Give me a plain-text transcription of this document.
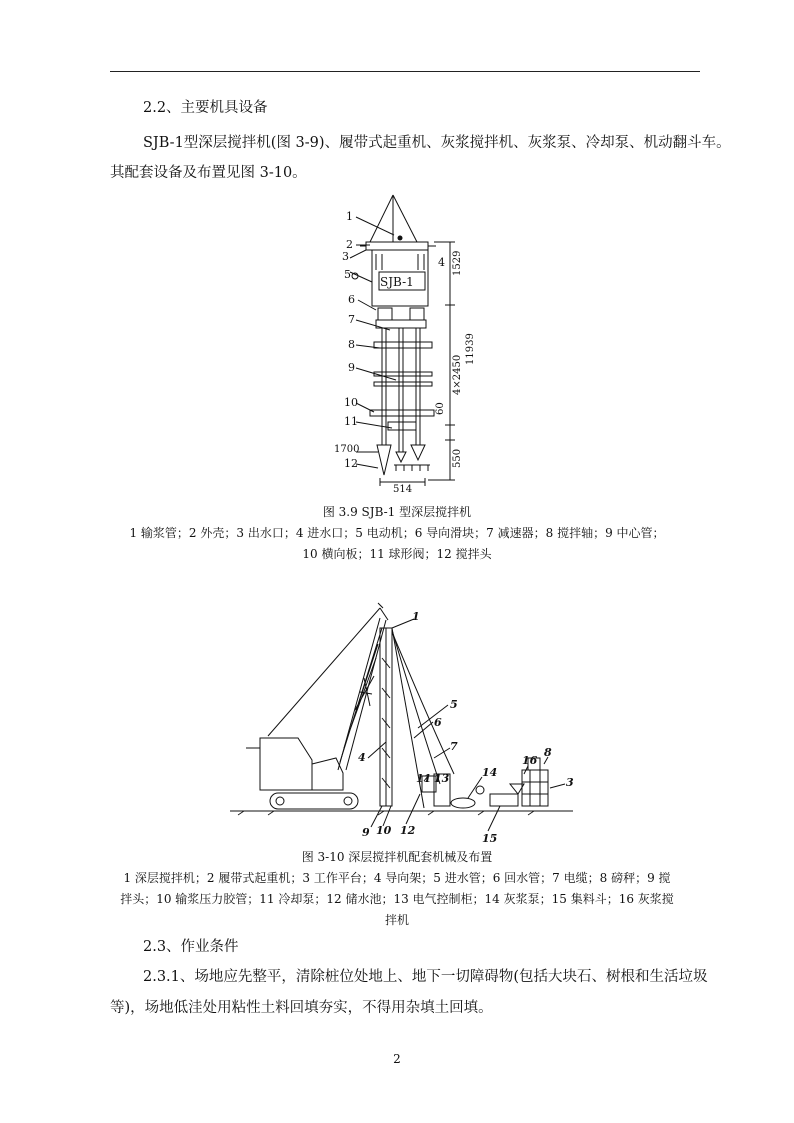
2.2、主要机具设备
SJB-1型深层搅拌机(图 3-9)、履带式起重机、灰浆搅拌机、灰浆泵、冷却泵、机动翻斗车。
其配套设备及布置见图 3-10。
SJB-1
1
2
3	4
5
6
7
8
9
10
11
12
1700
514
1529
11939
4×2450
60
550
图 3.9 SJB-1 型深层搅拌机
1 输浆管；2 外壳；3 出水口；4 进水口；5 电动机；6 导向滑块；7 减速器；8 搅拌轴；9 中心管；
10 横向板；11 球形阀；12 搅拌头
1
4
5
6
7
9 10
11
12
13	14
15
16
8
3
图 3-10 深层搅拌机配套机械及布置
1 深层搅拌机；2 履带式起重机；3 工作平台；4 导向架；5 进水管；6 回水管；7 电缆；8 磅秤；9 搅
拌头；10 输浆压力胶管；11 冷却泵；12 储水池；13 电气控制柜；14 灰浆泵；15 集料斗；16 灰浆搅
拌机
2.3、作业条件
2.3.1、场地应先整平，清除桩位处地上、地下一切障碍物(包括大块石、树根和生活垃圾
等)，场地低洼处用粘性土料回填夯实，不得用杂填土回填。
2
